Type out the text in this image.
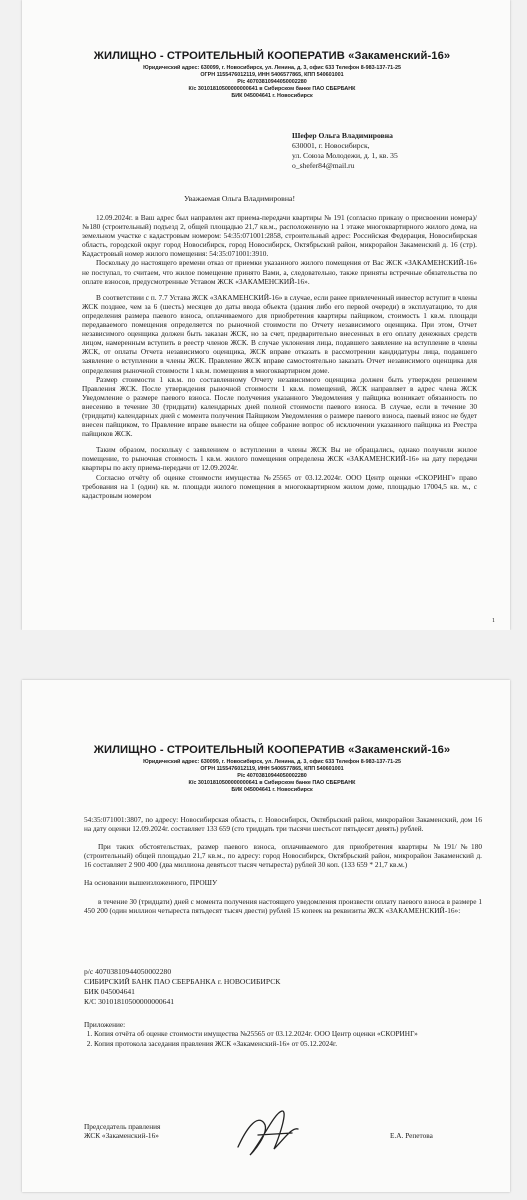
ЖИЛИЩНО - СТРОИТЕЛЬНЫЙ КООПЕРАТИВ «Закаменский-16»
Юридический адрес: 630099, г. Новосибирск, ул. Ленина, д. 3, офис 633 Телефон 8-983-137-71-25
ОГРН 1155476012119, ИНН 5406577865, КПП 540601001
Р/с 40703810944050002280
К/с 30101810500000000641 в Сибирском банке ПАО СБЕРБАНК
БИК 045004641 г. Новосибирск
Шефер Ольга Владимировна
630001, г. Новосибирск,
ул. Союза Молодежи, д. 1, кв. 35
o_shefer84@mail.ru
Уважаемая Ольга Владимировна!

12.09.2024г. в Ваш адрес был направлен акт приема-передачи квартиры № 191 (согласно приказу о присвоении номера)/№180 (строительный) подъезд 2, общей площадью 21,7 кв.м., расположенную на 1 этаже многоквартирного жилого дома, на земельном участке с кадастровым номером: 54:35:071001:2858, строительный адрес: Российская Федерация, Новосибирская область, городской округ город Новосибирск, город Новосибирск, Октябрьский район, микрорайон Закаменский д. 16 (стр). Кадастровый номер жилого помещения: 54:35:071001:3910.

Поскольку до настоящего времени отказ от приемки указанного жилого помещения от Вас ЖСК «ЗАКАМЕНСКИЙ-16» не поступал, то считаем, что жилое помещение принято Вами, а, следовательно, также приняты встречные обязательства по оплате взносов, предусмотренные Уставом ЖСК «ЗАКАМЕНСКИЙ-16».

В соответствии с п. 7.7 Устава ЖСК «ЗАКАМЕНСКИЙ-16» в случае, если ранее привлеченный инвестор вступит в члены ЖСК позднее, чем за 6 (шесть) месяцев до даты ввода объекта (здания либо его первой очереди) в эксплуатацию, то для определения размера паевого взноса, оплачиваемого для приобретения квартиры пайщиком, стоимость 1 кв.м. площади передаваемого помещения определяется по рыночной стоимости по Отчету независимого оценщика. При этом, Отчет независимого оценщика должен быть заказан ЖСК, но за счет, предварительно внесенных в его оплату денежных средств лицом, намеренным вступить в реестр членов ЖСК. В случае уклонения лица, подавшего заявление на вступление в члены ЖСК, от оплаты Отчета независимого оценщика, ЖСК вправе отказать в рассмотрении кандидатуры лица, подавшего заявление о вступлении в члены ЖСК. Правление ЖСК вправе самостоятельно заказать Отчет независимого оценщика для определения рыночной стоимости 1 кв.м. помещения в многоквартирном доме.

Размер стоимости 1 кв.м. по составленному Отчету независимого оценщика должен быть утвержден решением Правления ЖСК. После утверждения рыночной стоимости 1 кв.м. помещений, ЖСК направляет в адрес члена ЖСК Уведомление о размере паевого взноса. После получения указанного Уведомления у пайщика возникает обязанность по внесению в течение 30 (тридцати) календарных дней полной стоимости паевого взноса. В случае, если в течение 30 (тридцати) календарных дней с момента получения Пайщиком Уведомления о размере паевого взноса, паевый взнос не будет внесен пайщиком, то Правление вправе вынести на общее собрание вопрос об исключении указанного пайщика из Реестра пайщиков ЖСК.

Таким образом, поскольку с заявлением о вступлении в члены ЖСК Вы не обращались, однако получили жилое помещение, то рыночная стоимость 1 кв.м. жилого помещения определена ЖСК «ЗАКАМЕНСКИЙ-16» на дату передачи квартиры по акту приема-передачи от 12.09.2024г.

Согласно отчёту об оценке стоимости имущества №25565 от 03.12.2024г. ООО Центр оценки «СКОРИНГ» право требования на 1 (один) кв. м. площади жилого помещения в многоквартирном жилом доме, площадью 17004,5 кв. м., с кадастровым номером

1
ЖИЛИЩНО - СТРОИТЕЛЬНЫЙ КООПЕРАТИВ «Закаменский-16»
Юридический адрес: 630099, г. Новосибирск, ул. Ленина, д. 3, офис 633 Телефон 8-983-137-71-25
ОГРН 1155476012119, ИНН 5406577865, КПП 540601001
Р/с 40703810944050002280
К/с 30101810500000000641 в Сибирском банке ПАО СБЕРБАНК
БИК 045004641 г. Новосибирск

54:35:071001:3807, по адресу: Новосибирская область, г. Новосибирск, Октябрьский район, микрорайон Закаменский, дом 16 на дату оценки 12.09.2024г. составляет 133 659 (сто тридцать три тысячи шестьсот пятьдесят девять) рублей.

При таких обстоятельствах, размер паевого взноса, оплачиваемого для приобретения квартиры №191/№180 (строительный) общей площадью 21,7 кв.м., по адресу: город Новосибирск, Октябрьский район, микрорайон Закаменский д. 16 составляет 2 900 400 (два миллиона девятьсот тысяч четыреста) рублей 30 коп. (133 659 * 21,7 кв.м.)

На основании вышеизложенного, ПРОШУ

в течение 30 (тридцати) дней с момента получения настоящего уведомления произвести оплату паевого взноса в размере 1 450 200 (один миллион четыреста пятьдесят тысяч двести) рублей 15 копеек на реквизиты ЖСК «ЗАКАМЕНСКИЙ-16»:

р/с 40703810944050002280
СИБИРСКИЙ БАНК ПАО СБЕРБАНКА г. НОВОСИБИРСК
БИК 045004641
К/С 30101810500000000641
Приложение:
1. Копия отчёта об оценке стоимости имущества №25565 от 03.12.2024г. ООО Центр оценки «СКОРИНГ»
2. Копия протокола заседания правления ЖСК «Закаменский-16» от 05.12.2024г.
Председатель правления
ЖСК «Закаменский-16»	Е.А. Репетова
